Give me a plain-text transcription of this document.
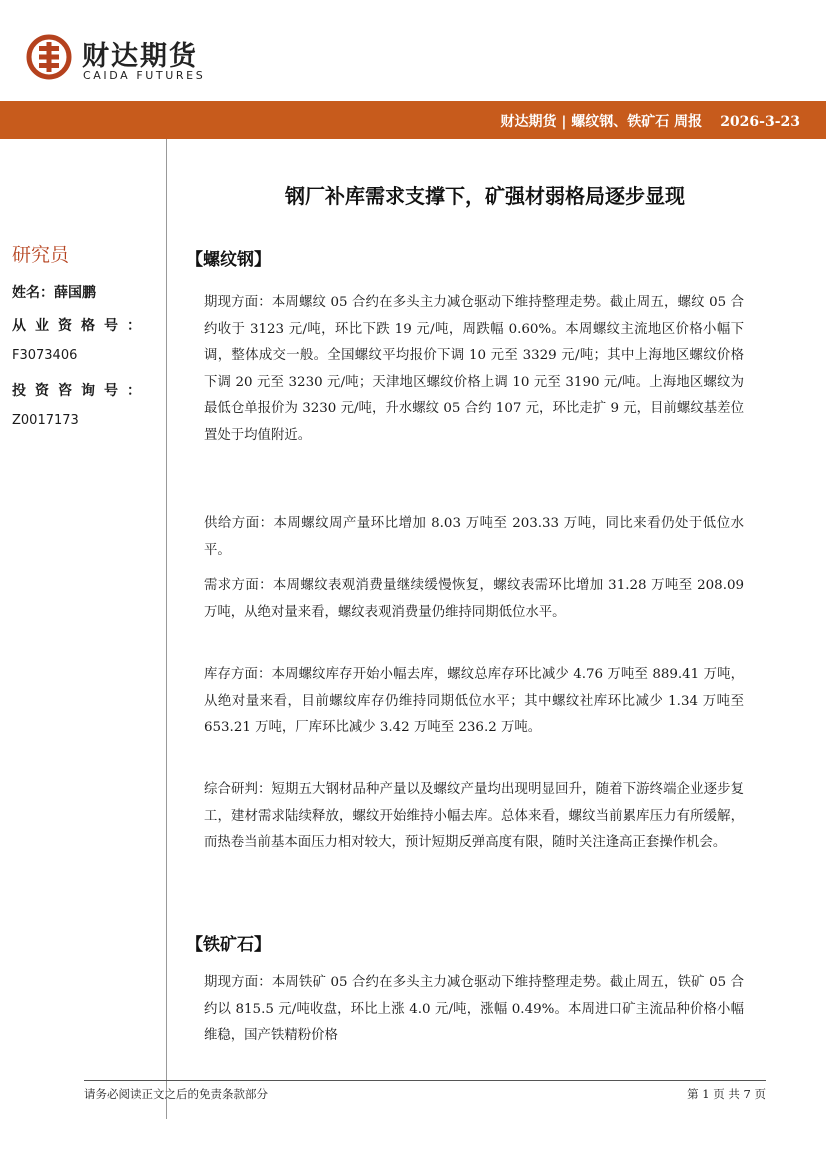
财达期货
CAIDA FUTURES
财达期货 | 螺纹钢、铁矿石 周报 2026-3-23
研究员
姓名：薛国鹏
从业资格号：
F3073406
投资咨询号：
Z0017173
钢厂补库需求支撑下，矿强材弱格局逐步显现
【螺纹钢】
期现方面：本周螺纹 05 合约在多头主力减仓驱动下维持整理走势。截止周五，螺纹 05 合约收于 3123 元/吨，环比下跌 19 元/吨，周跌幅 0.60%。本周螺纹主流地区价格小幅下调，整体成交一般。全国螺纹平均报价下调 10 元至 3329 元/吨；其中上海地区螺纹价格下调 20 元至 3230 元/吨；天津地区螺纹价格上调 10 元至 3190 元/吨。上海地区螺纹为最低仓单报价为 3230 元/吨，升水螺纹 05 合约 107 元，环比走扩 9 元，目前螺纹基差位置处于均值附近。
供给方面：本周螺纹周产量环比增加 8.03 万吨至 203.33 万吨，同比来看仍处于低位水平。
需求方面：本周螺纹表观消费量继续缓慢恢复，螺纹表需环比增加 31.28 万吨至 208.09 万吨，从绝对量来看，螺纹表观消费量仍维持同期低位水平。
库存方面：本周螺纹库存开始小幅去库，螺纹总库存环比减少 4.76 万吨至 889.41 万吨，从绝对量来看，目前螺纹库存仍维持同期低位水平；其中螺纹社库环比减少 1.34 万吨至 653.21 万吨，厂库环比减少 3.42 万吨至 236.2 万吨。
综合研判：短期五大钢材品种产量以及螺纹产量均出现明显回升，随着下游终端企业逐步复工，建材需求陆续释放，螺纹开始维持小幅去库。总体来看，螺纹当前累库压力有所缓解，而热卷当前基本面压力相对较大，预计短期反弹高度有限，随时关注逢高正套操作机会。
【铁矿石】
期现方面：本周铁矿 05 合约在多头主力减仓驱动下维持整理走势。截止周五，铁矿 05 合约以 815.5 元/吨收盘，环比上涨 4.0 元/吨，涨幅 0.49%。本周进口矿主流品种价格小幅维稳，国产铁精粉价格
请务必阅读正文之后的免责条款部分	第 1 页 共 7 页
